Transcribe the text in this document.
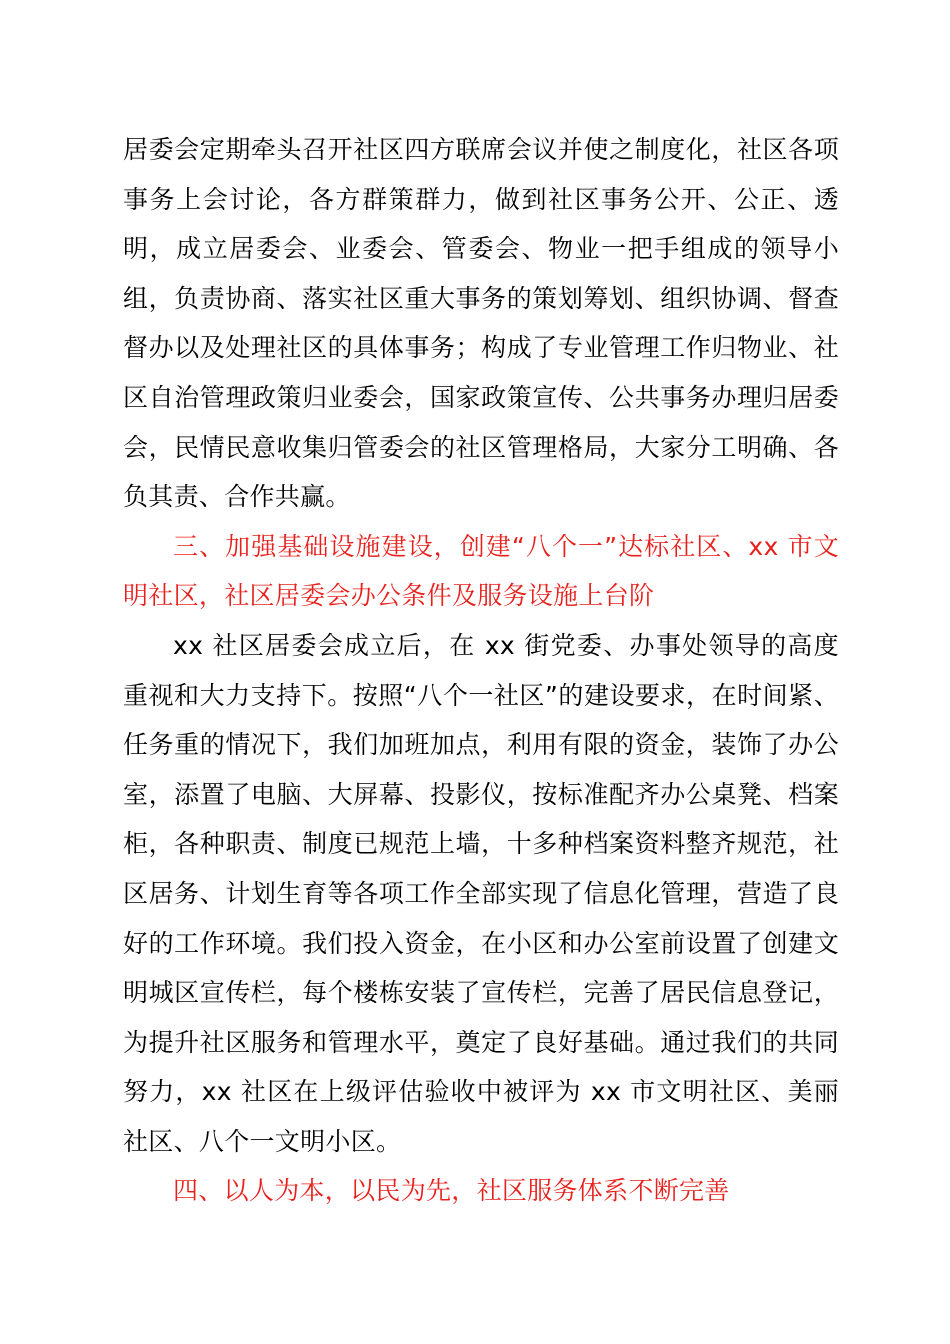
居委会定期牵头召开社区四方联席会议并使之制度化，社区各项事务上会讨论，各方群策群力，做到社区事务公开、公正、透明，成立居委会、业委会、管委会、物业一把手组成的领导小组，负责协商、落实社区重大事务的策划筹划、组织协调、督查督办以及处理社区的具体事务；构成了专业管理工作归物业、社区自治管理政策归业委会，国家政策宣传、公共事务办理归居委会，民情民意收集归管委会的社区管理格局，大家分工明确、各负其责、合作共赢。

三、加强基础设施建设，创建“八个一”达标社区、xx 市文明社区，社区居委会办公条件及服务设施上台阶

xx 社区居委会成立后，在 xx 街党委、办事处领导的高度重视和大力支持下。按照“八个一社区”的建设要求，在时间紧、任务重的情况下，我们加班加点，利用有限的资金，装饰了办公室，添置了电脑、大屏幕、投影仪，按标准配齐办公桌凳、档案柜，各种职责、制度已规范上墙，十多种档案资料整齐规范，社区居务、计划生育等各项工作全部实现了信息化管理，营造了良好的工作环境。我们投入资金，在小区和办公室前设置了创建文明城区宣传栏，每个楼栋安装了宣传栏，完善了居民信息登记，为提升社区服务和管理水平，奠定了良好基础。通过我们的共同努力，xx 社区在上级评估验收中被评为 xx 市文明社区、美丽社区、八个一文明小区。

四、以人为本，以民为先，社区服务体系不断完善
